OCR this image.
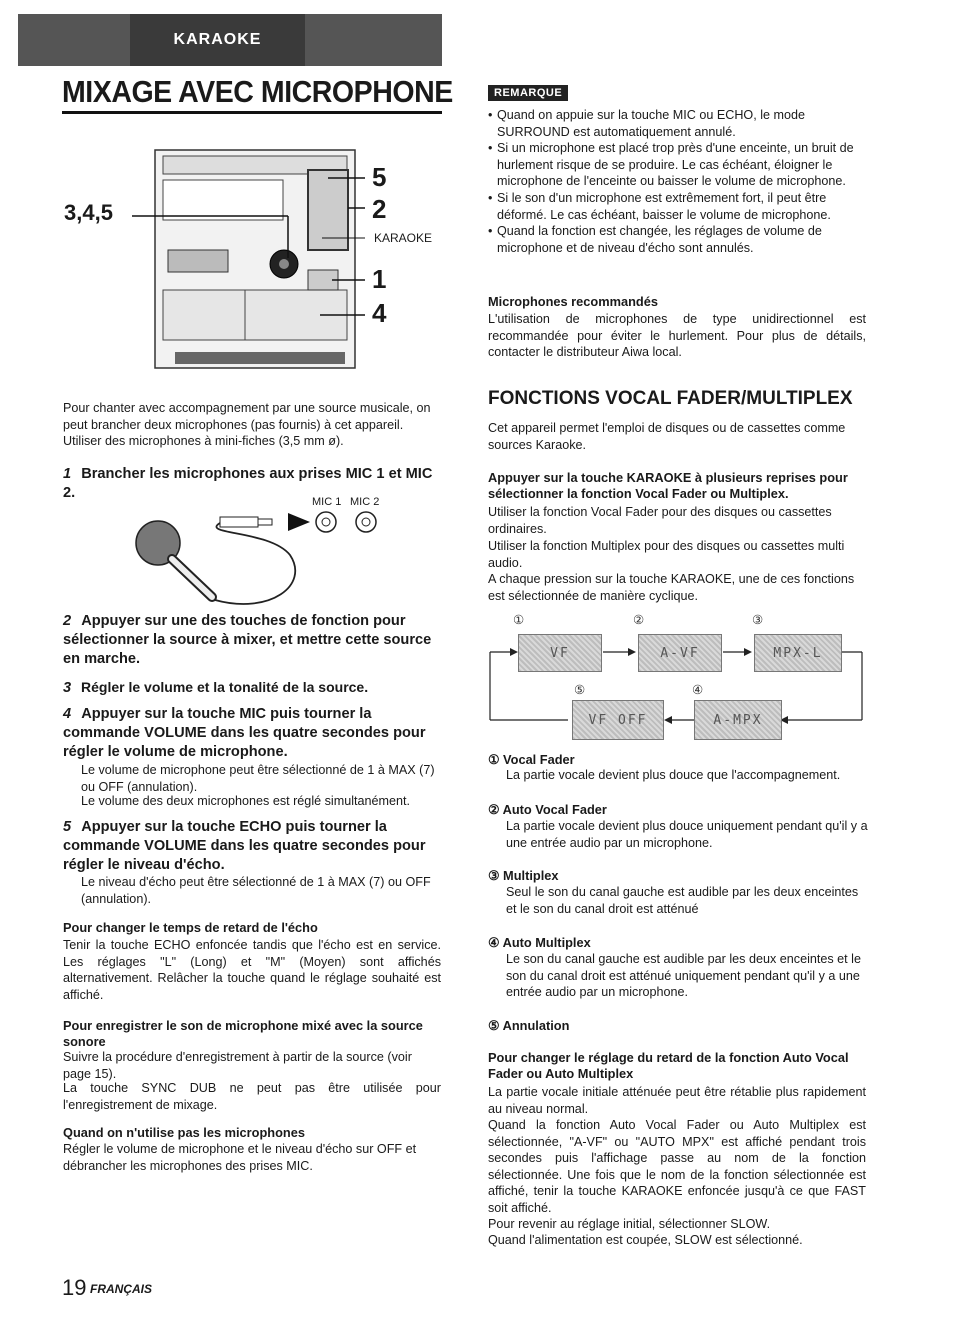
KARAOKE
MIXAGE AVEC MICROPHONE
3,4,5
5
2
KARAOKE
1
4
Pour chanter avec accompagnement par une source musicale, on peut brancher deux microphones (pas fournis) à cet appareil. Utiliser des microphones à mini-fiches (3,5 mm ø).
1 Brancher les microphones aux prises MIC 1 et MIC 2.
MIC 1 MIC 2
2 Appuyer sur une des touches de fonction pour sélectionner la source à mixer, et mettre cette source en marche.
3 Régler le volume et la tonalité de la source.
4 Appuyer sur la touche MIC puis tourner la commande VOLUME dans les quatre secondes pour régler le volume de microphone.
Le volume de microphone peut être sélectionné de 1 à MAX (7) ou OFF (annulation).
Le volume des deux microphones est réglé simultanément.
5 Appuyer sur la touche ECHO puis tourner la commande VOLUME dans les quatre secondes pour régler le niveau d'écho.
Le niveau d'écho peut être sélectionné de 1 à MAX (7) ou OFF (annulation).
Pour changer le temps de retard de l'écho
Tenir la touche ECHO enfoncée tandis que l'écho est en service. Les réglages "L" (Long) et "M" (Moyen) sont affichés alternativement. Relâcher la touche quand le réglage souhaité est affiché.
Pour enregistrer le son de microphone mixé avec la source sonore
Suivre la procédure d'enregistrement à partir de la source (voir page 15).
La touche SYNC DUB ne peut pas être utilisée pour l'enregistrement de mixage.
Quand on n'utilise pas les microphones
Régler le volume de microphone et le niveau d'écho sur OFF et débrancher les microphones des prises MIC.
19 FRANÇAIS
REMARQUE
• Quand on appuie sur la touche MIC ou ECHO, le mode SURROUND est automatiquement annulé.
• Si un microphone est placé trop près d'une enceinte, un bruit de hurlement risque de se produire. Le cas échéant, éloigner le microphone de l'enceinte ou baisser le volume de microphone.
• Si le son d'un microphone est extrêmement fort, il peut être déformé. Le cas échéant, baisser le volume de microphone.
• Quand la fonction est changée, les réglages de volume de microphone et de niveau d'écho sont annulés.
Microphones recommandés
L'utilisation de microphones de type unidirectionnel est recommandée pour éviter le hurlement. Pour plus de détails, contacter le distributeur Aiwa local.
FONCTIONS VOCAL FADER/MULTIPLEX
Cet appareil permet l'emploi de disques ou de cassettes comme sources Karaoke.
Appuyer sur la touche KARAOKE à plusieurs reprises pour sélectionner la fonction Vocal Fader ou Multiplex.
Utiliser la fonction Vocal Fader pour des disques ou cassettes ordinaires.
Utiliser la fonction Multiplex pour des disques ou cassettes multi audio.
A chaque pression sur la touche KARAOKE, une de ces fonctions est sélectionnée de manière cyclique.
①	②	③
⑤	④
VF	A-VF	MPX-L
VF OFF	A-MPX
① Vocal Fader
La partie vocale devient plus douce que l'accompagnement.
② Auto Vocal Fader
La partie vocale devient plus douce uniquement pendant qu'il y a une entrée audio par un microphone.
③ Multiplex
Seul le son du canal gauche est audible par les deux enceintes et le son du canal droit est atténué
④ Auto Multiplex
Le son du canal gauche est audible par les deux enceintes et le son du canal droit est atténué uniquement pendant qu'il y a une entrée audio par un microphone.
⑤ Annulation
Pour changer le réglage du retard de la fonction Auto Vocal Fader ou Auto Multiplex
La partie vocale initiale atténuée peut être rétablie plus rapidement au niveau normal.
Quand la fonction Auto Vocal Fader ou Auto Multiplex est sélectionnée, "A-VF" ou "AUTO MPX" est affiché pendant trois secondes puis l'affichage passe au nom de la fonction sélectionnée. Une fois que le nom de la fonction sélectionnée est affiché, tenir la touche KARAOKE enfoncée jusqu'à ce que FAST soit affiché.
Pour revenir au réglage initial, sélectionner SLOW.
Quand l'alimentation est coupée, SLOW est sélectionné.
